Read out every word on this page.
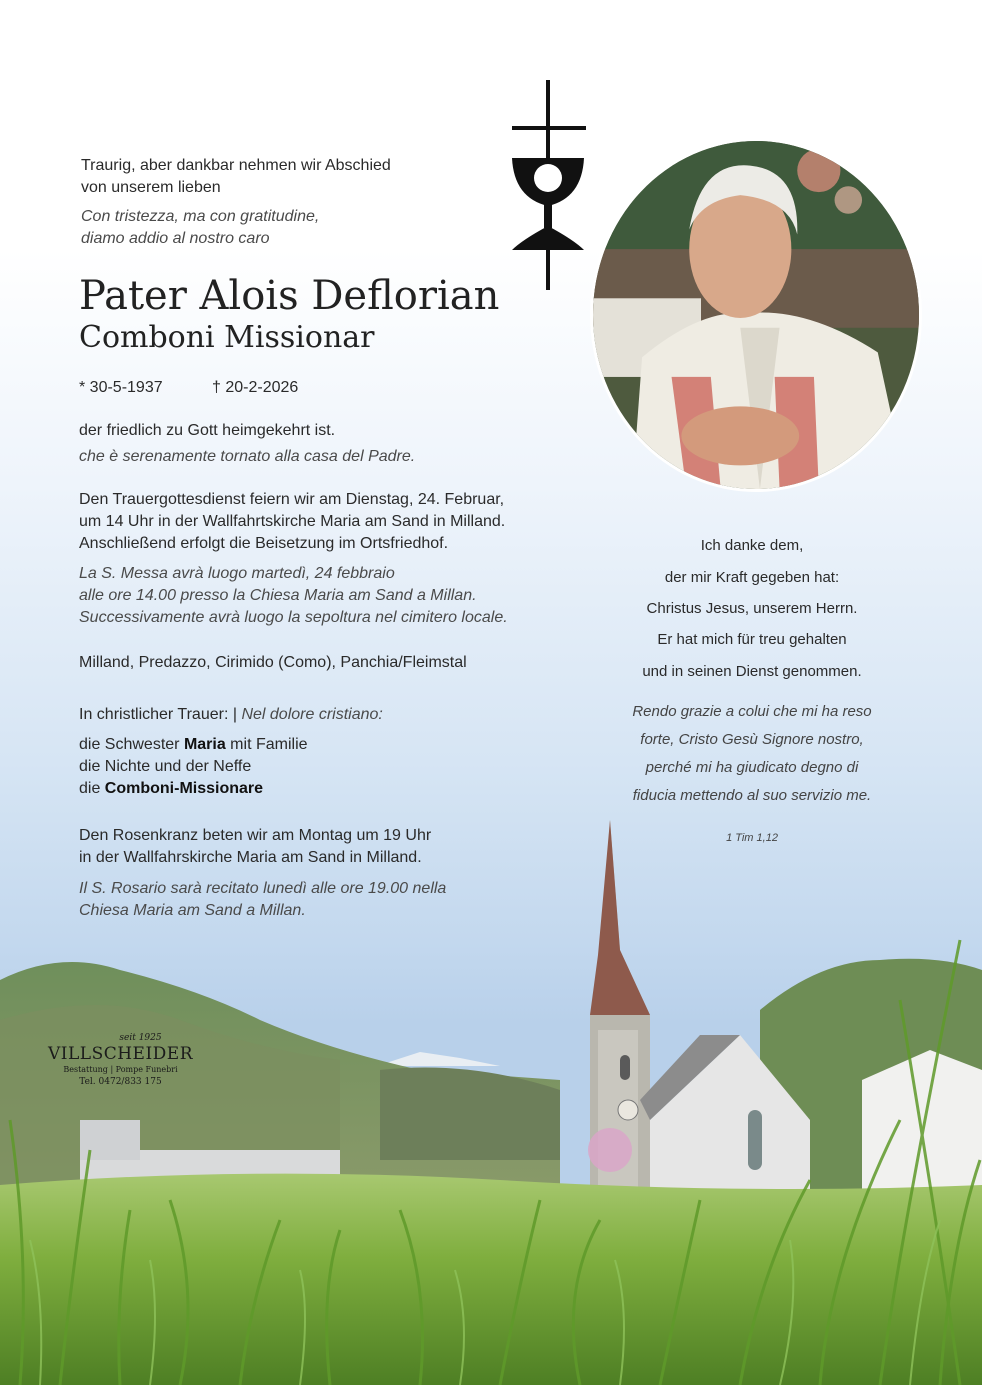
Traurig, aber dankbar nehmen wir Abschied
von unserem lieben
Con tristezza, ma con gratitudine,
diamo addio al nostro caro
Pater Alois Deflorian
Comboni Missionar
* 30-5-1937	† 20-2-2026
der friedlich zu Gott heimgekehrt ist.
che è serenamente tornato alla casa del Padre.
Den Trauergottesdienst feiern wir am Dienstag, 24. Februar,
um 14 Uhr in der Wallfahrtskirche Maria am Sand in Milland.
Anschließend erfolgt die Beisetzung im Ortsfriedhof.
La S. Messa avrà luogo martedì, 24 febbraio
alle ore 14.00 presso la Chiesa Maria am Sand a Millan.
Successivamente avrà luogo la sepoltura nel cimitero locale.
Milland, Predazzo, Cirimido (Como), Panchia/Fleimstal
In christlicher Trauer: | Nel dolore cristiano:
die Schwester Maria mit Familie
die Nichte und der Neffe
die Comboni-Missionare
Den Rosenkranz beten wir am Montag um 19 Uhr
in der Wallfahrskirche Maria am Sand in Milland.
Il S. Rosario sarà recitato lunedì alle ore 19.00 nella
Chiesa Maria am Sand a Millan.
Ich danke dem,
der mir Kraft gegeben hat:
Christus Jesus, unserem Herrn.
Er hat mich für treu gehalten
und in seinen Dienst genommen.
Rendo grazie a colui che mi ha reso
forte, Cristo Gesù Signore nostro,
perché mi ha giudicato degno di
fiducia mettendo al suo servizio me.
1 Tim 1,12
seit 1925
VILLSCHEIDER
Bestattung | Pompe Funebri
Tel. 0472/833 175
